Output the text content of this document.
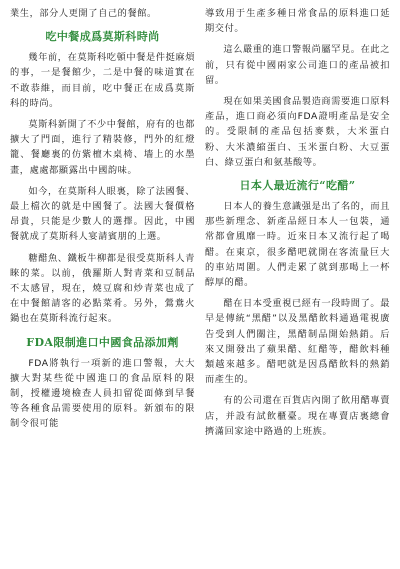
業生，部分人更開了自己的餐館。

吃中餐成爲莫斯科時尚

幾年前，在莫斯科吃頓中餐是件挺麻煩的事，一是餐館少，二是中餐的味道實在不敢恭維，而目前，吃中餐正在成爲莫斯科的時尚。

莫斯科新開了不少中餐館，府有的也都擴大了門面，進行了精裝修，門外的紅燈籠、餐廳裏的仿紫檀木桌椅、墻上的水墨畫，處處都顯露出中國韵味。

如今，在莫斯科人眼裏，除了法國餐、最上檔次的就是中國餐了。法國大餐價格昂貴，只能是少數人的選擇。因此，中國餐就成了莫斯科人宴請賓朋的上選。

糖醋魚、鐵板牛柳都是很受莫斯科人青睞的菜。以前，俄羅斯人對青菜和豆制品不太感冒，現在，燒豆腐和炒青菜也成了在中餐館請客的必點菜肴。另外，鶯鴦火鍋也在莫斯科流行起來。

FDA限制進口中國食品添加劑

FDA將執行一項新的進口警報，大大擴大對某些從中國進口的食品原料的限制，授權邊境檢查人員扣留從面條到早餐等各種食品需要使用的原料。新頒布的限制令很可能

導致用于生產多種日常食品的原料進口延期交付。

這么嚴重的進口警報尚屬罕見。在此之前，只有從中國兩家公司進口的產品被扣留。

現在如果美國食品製造商需要進口原料產品，進口商必須向FDA證明產品是安全的。受限制的產品包括麥麩，大米蛋白粉、大米濃縮蛋白、玉米蛋白粉、大豆蛋白、綠豆蛋白和氨基酸等。

日本人最近流行“吃醋”

日本人的養生意識强是出了名的，而且那些新理念、新產品經日本人一包裝，通常都會風靡一時。近來日本又流行起了喝醋。在東京，很多醋吧就開在客流量巨大的車站周圍。人們走累了就到那喝上一杯醇厚的醋。

醋在日本受重視已經有一段時間了。最早是傳統“黑醋”以及黑醋飲料通過電視廣告受到人們關注，黑醋制品開始熱銷。后來又開發出了蘋果醋、紅醋等，醋飲料種類越來越多。醋吧就是因爲醋飲料的熱銷而產生的。

有的公司還在百貨店內開了飲用醋專賣店，并設有試飲櫃臺。現在專賣店裏總會擠滿回家途中路過的上班族。
